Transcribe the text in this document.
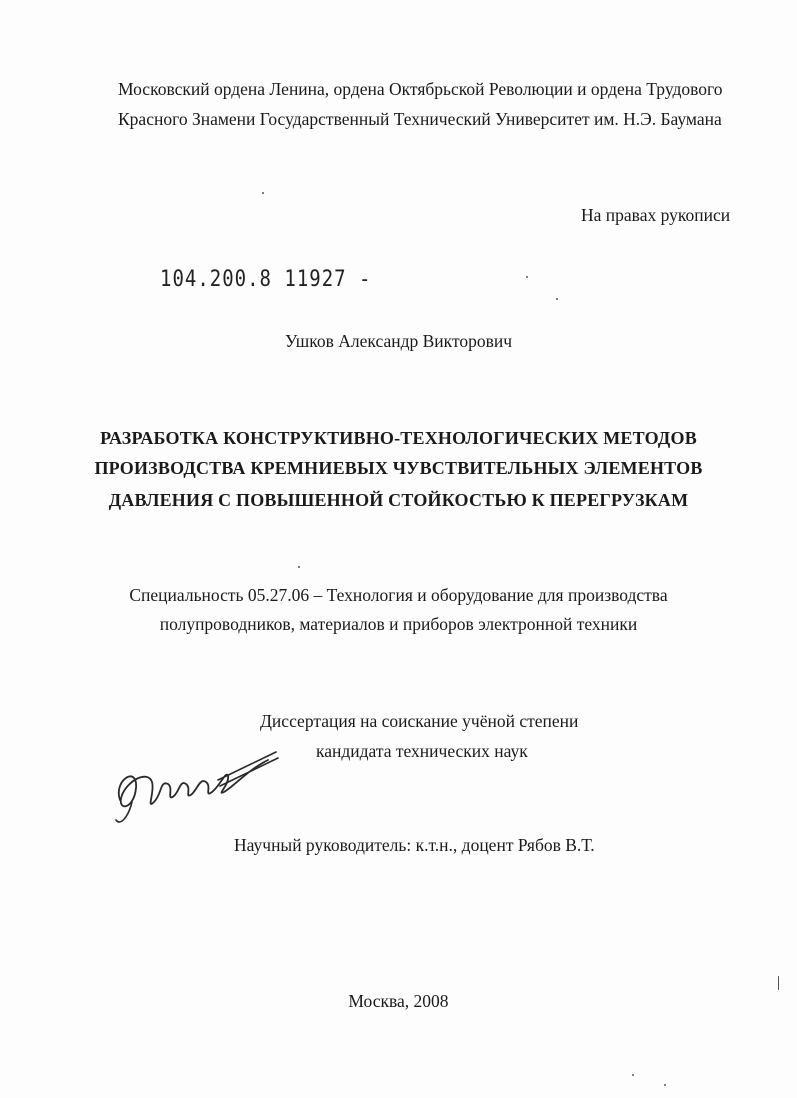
Московский ордена Ленина, ордена Октябрьской Революции и ордена Трудового
Красного Знамени Государственный Технический Университет им. Н.Э. Баумана
На правах рукописи
104.200.8 11927 -
Ушков Александр Викторович
РАЗРАБОТКА КОНСТРУКТИВНО-ТЕХНОЛОГИЧЕСКИХ МЕТОДОВ
ПРОИЗВОДСТВА КРЕМНИЕВЫХ ЧУВСТВИТЕЛЬНЫХ ЭЛЕМЕНТОВ
ДАВЛЕНИЯ С ПОВЫШЕННОЙ СТОЙКОСТЬЮ К ПЕРЕГРУЗКАМ
Специальность 05.27.06 – Технология и оборудование для производства
полупроводников, материалов и приборов электронной техники
Диссертация на соискание учёной степени
кандидата технических наук
Научный руководитель: к.т.н., доцент Рябов В.Т.
Москва, 2008
